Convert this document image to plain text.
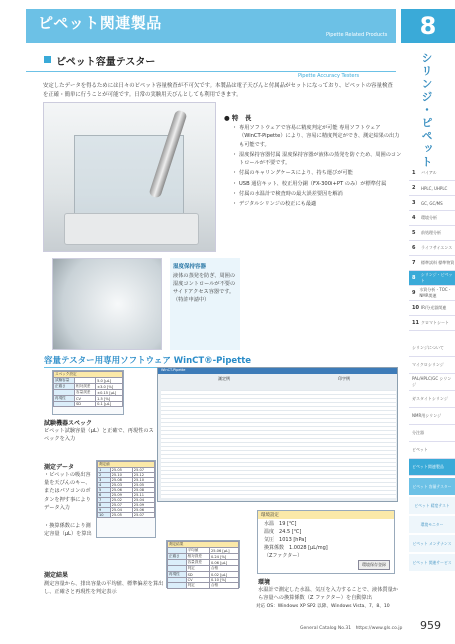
ピペット関連製品
Pipette Related Products	8
シリンジ・ピペット
ピペット容量テスター
Pipette Accuracy Testers
安定したデータを得るためには日々のピペット容量検査が不可欠です。本製品は電子天びんと付属品がセットになっており、ピペットの容量検査を正確・簡単に行うことが可能です。日常の実験用天びんとしても利用できます。
● 特　長
・ 専用ソフトウェアで容易に精度判定が可能 専用ソフトウェア（WinCT-Pipette）により、容易に精度判定ができ、測定結果の出力も可能です。
・ 湿度保持容器付属 湿度保持容器が液体の蒸発を防ぐため、周囲のコントロールが不要です。
・ 付属のキャリングケースにより、持ち運びが可能
・ USB 通信キット、校正用分銅（FX-300i+PT のみ）が標準付属
・ 付属の水温計で検査時の最大誤差要因を解消
・ デジタルシリンジの校正にも最適
1	バイアル
2	HPLC, UHPLC
3	GC, GC/MS
4	環境分析
5	前処理分析
6	ライフサイエンス
7	標準試料 標準物質
8
シリンジ・ピペット
9
水質分析・TOC・NMR関連
10 IR/分光器関連
11 クロマトシート
シリンジについて
マイクロシリンジ
PAL/HPLC/GC シリンジ
ガスタイトシリンジ
NMR用シリンジ
分注器
ピペット
ピペット関連製品
ピペット 容量テスター
ピペット 精度テスト
環境モニター
ピペット メンテナンス
ピペット 関連サービス
湿度保持容器
液体の蒸発を防ぎ、周囲の湿度コントロールが不要のサイドアクセス容器です。（特許申請中）
容量テスター用専用ソフトウェア WinCT®-Pipette
WinCT-Pipette
測定例	印字例
スペック設定		
試験容量		5.0 [μL]
正確さ	相対誤差	±3.0 [%]
	容量誤差	±0.15 [μL]
再現性	CV	1.5 [%]
	SD	0.1 [μL]
試験機器スペック
ピペット試験容量（μL）と正確で、再現性のスペックを入力
測定データ
・ピペットの吸出容量を天びんのキー、またはパソコンのボタンを押す事によりデータ入力
・換算係数により測定容量（μL）を算出
測定値		
1	25.05	25.07
2	25.10	25.12
3	25.08	25.10
4	25.03	25.05
5	25.06	25.08
6	25.09	25.11
7	25.02	25.04
8	25.07	25.09
9	25.04	25.06
10	25.05	25.07
測定結果		
	平均値	25.06 [μL]
正確さ	相対誤差	0.24 [%]
	容量誤差	0.06 [μL]
	判定	合格
再現性	SD	0.02 [μL]
	CV	0.10 [%]
	判定	合格
測定結果
測定容量から、排出容量の平均値、標準偏差を算出し、正確さと再現性を判定表示
環境設定
水温　 19 [℃]
温度　 24.5 [℃]
気圧　 1013 [hPa]
換算係数　 1.0028 [μL/mg]
（Zファクター）
環境保存登録
環境
水温計で測定した水温、気圧を入力することで、液体質量から容量への換算係数（Z ファクター）を自動算出
対応 OS：Windows XP SP2 以降、Windows Vista、7、8、10
General Catalog No.31　https://www.gls.co.jp 959
